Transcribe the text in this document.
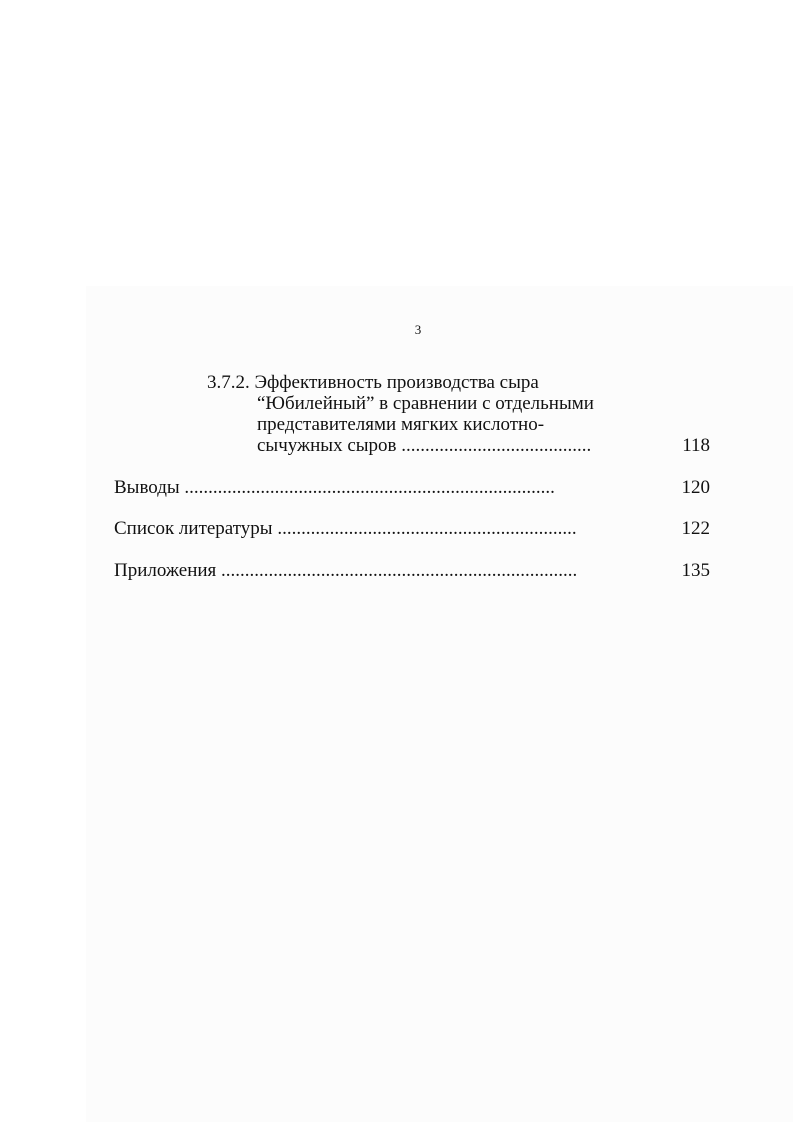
3
3.7.2. Эффективность производства сыра
“Юбилейный” в сравнении с отдельными
представителями мягких кислотно-
сычужных сыров ........................................	118
Выводы ..............................................................................	120
Список литературы ...............................................................	122
Приложения ...........................................................................	135
